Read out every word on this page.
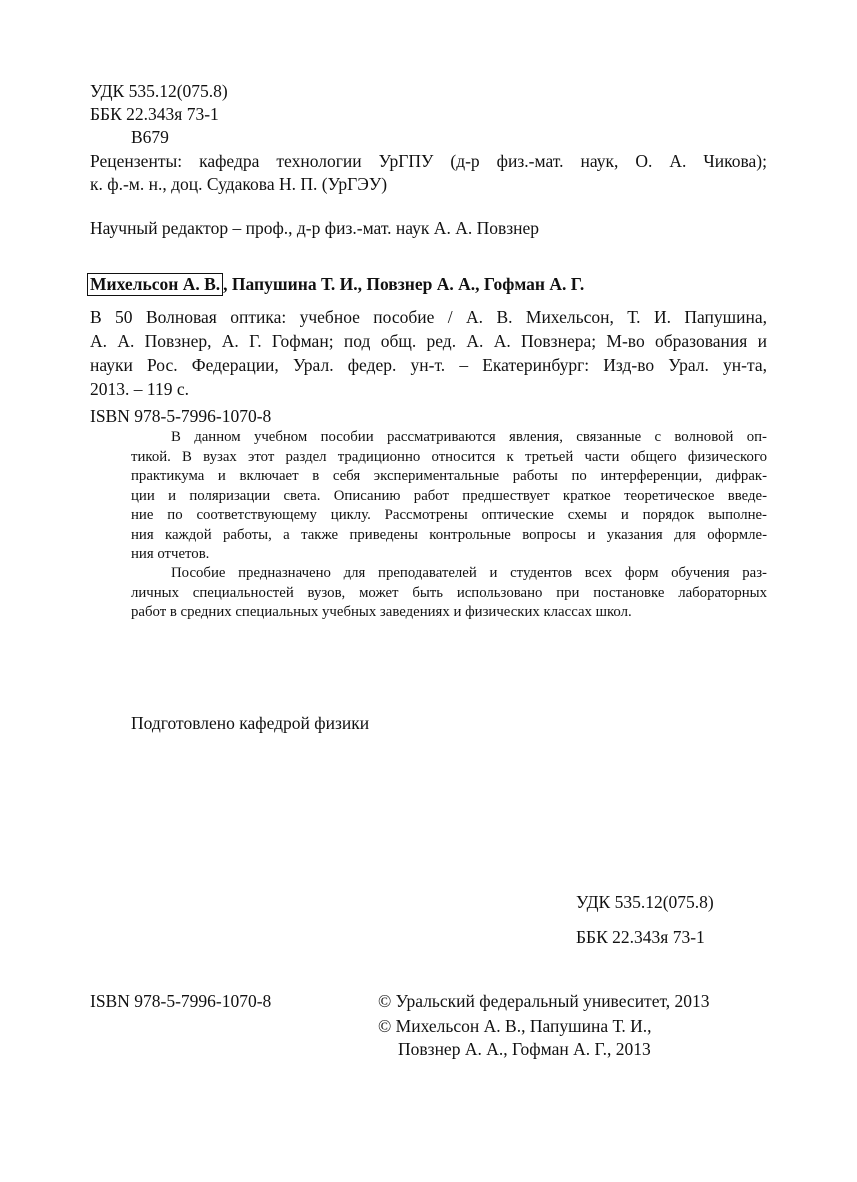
УДК 535.12(075.8)
ББК 22.343я 73-1
В679
Рецензенты: кафедра технологии УрГПУ (д-р физ.-мат. наук, О. А. Чикова);
к. ф.-м. н., доц. Судакова Н. П. (УрГЭУ)
Научный редактор – проф., д-р физ.-мат. наук А. А. Повзнер
Михельсон А. В. , Папушина Т. И., Повзнер А. А., Гофман А. Г.
В 50 Волновая оптика: учебное пособие / А. В. Михельсон, Т. И. Папушина,
А. А. Повзнер, А. Г. Гофман; под общ. ред. А. А. Повзнера; М-во образования и
науки Рос. Федерации, Урал. федер. ун-т. – Екатеринбург: Изд-во Урал. ун-та,
2013. – 119 с.
ISBN 978-5-7996-1070-8
В данном учебном пособии рассматриваются явления, связанные с волновой оп-
тикой. В вузах этот раздел традиционно относится к третьей части общего физического
практикума и включает в себя экспериментальные работы по интерференции, дифрак-
ции и поляризации света. Описанию работ предшествует краткое теоретическое введе-
ние по соответствующему циклу. Рассмотрены оптические схемы и порядок выполне-
ния каждой работы, а также приведены контрольные вопросы и указания для оформле-
ния отчетов.
Пособие предназначено для преподавателей и студентов всех форм обучения раз-
личных специальностей вузов, может быть использовано при постановке лабораторных
работ в средних специальных учебных заведениях и физических классах школ.
Подготовлено кафедрой физики
УДК 535.12(075.8)
ББК 22.343я 73-1
ISBN 978-5-7996-1070-8	© Уральский федеральный унивеситет, 2013
© Михельсон А. В., Папушина Т. И.,
Повзнер А. А., Гофман А. Г., 2013
